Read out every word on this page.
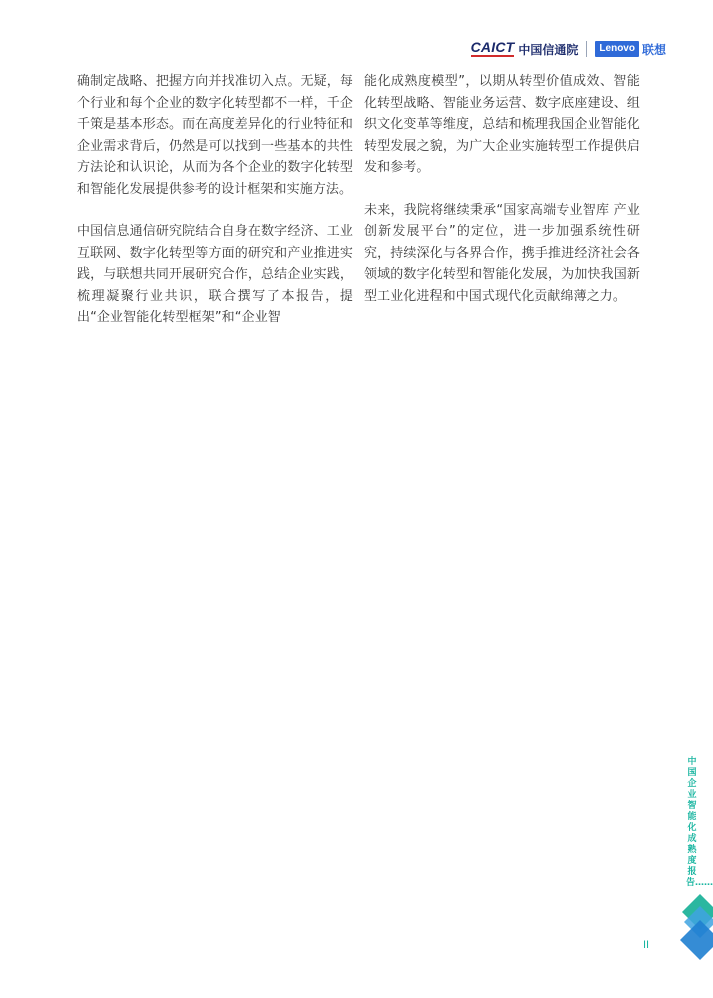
CAICT 中国信通院	Lenovo 联想

确制定战略、把握方向并找准切入点。无疑，每个行业和每个企业的数字化转型都不一样，千企千策是基本形态。而在高度差异化的行业特征和企业需求背后，仍然是可以找到一些基本的共性方法论和认识论，从而为各个企业的数字化转型和智能化发展提供参考的设计框架和实施方法。

中国信息通信研究院结合自身在数字经济、工业互联网、数字化转型等方面的研究和产业推进实践，与联想共同开展研究合作，总结企业实践，梳理凝聚行业共识，联合撰写了本报告，提出“企业智能化转型框架”和“企业智

能化成熟度模型”，以期从转型价值成效、智能化转型战略、智能业务运营、数字底座建设、组织文化变革等维度，总结和梳理我国企业智能化转型发展之貌，为广大企业实施转型工作提供启发和参考。

未来，我院将继续秉承“国家高端专业智库 产业创新发展平台”的定位，进一步加强系统性研究，持续深化与各界合作，携手推进经济社会各领域的数字化转型和智能化发展，为加快我国新型工业化进程和中国式现代化贡献绵薄之力。

中国企业智能化成熟度报告……
II
